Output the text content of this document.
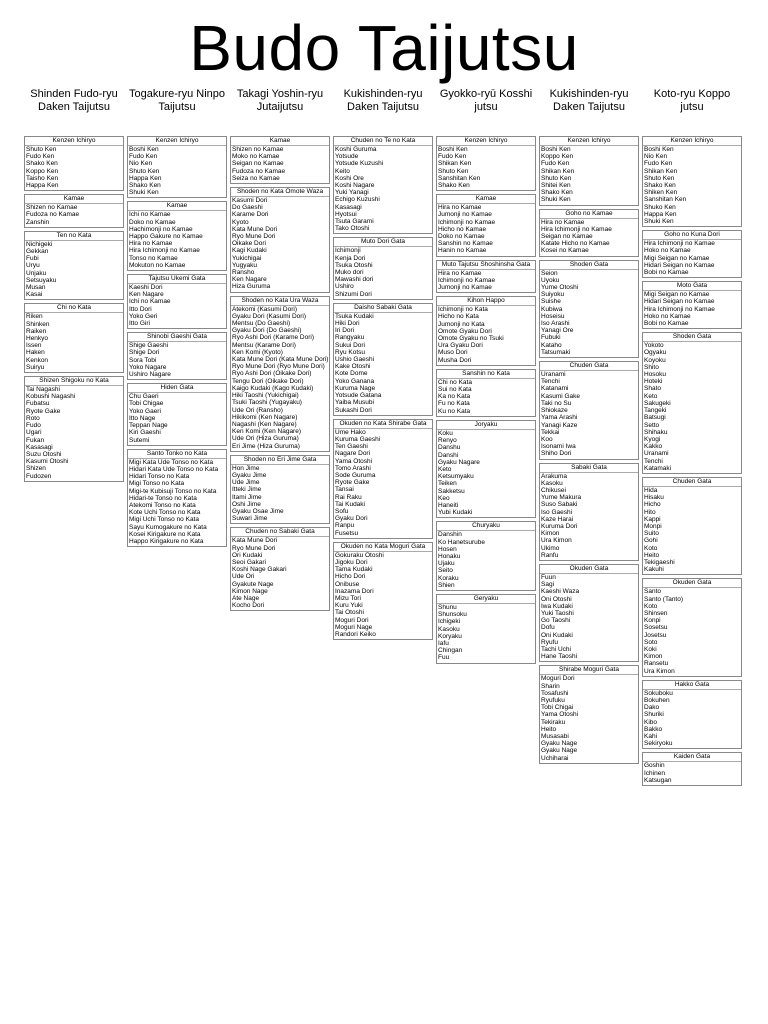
Budo Taijutsu
Shinden Fudo-ryu Daken Taijutsu
Kenzen Ichiryo
Shuto Ken
Fudo Ken
Shako Ken
Koppo Ken
Taisho Ken
Happa Ken
Kamae
Shizen no Kamae
Fudoza no Kamae
Zanshin
Ten no Kata
Nichigeki
Gekkan
Fubi
Uryu
Unjaku
Setsuyaku
Musan
Kasai
Chi no Kata
Riken
Shinken
Raiken
Henkyo
Issen
Haken
Kenkon
Suiryu
Shizen Shigoku no Kata
Tai Nagashi
Kobushi Nagashi
Fubatsu
Ryote Gake
Roto
Fudo
Ugari
Fukan
Kasasagi
Suzu Otoshi
Kasumi Otoshi
Shizen
Fudozen
Togakure-ryu Ninpo Taijutsu
Kenzen Ichiryo
Boshi Ken
Fudo Ken
Nio Ken
Shuto Ken
Happa Ken
Shako Ken
Shuki Ken
Kamae
Ichi no Kamae
Doko no Kamae
Hachimonji no Kamae
Happo Gakure no Kamae
Hira no Kamae
Hira Ichimonji no Kamae
Tonso no Kamae
Mokuton no Kamae
Tajutsu Ukemi Gata
Kaeshi Dori
Ken Nagare
Ichi no Kamae
Itto Dori
Yoko Geri
Itto Giri
Shinobi Gaeshi Gata
Shige Gaeshi
Shige Dori
Sora Tobi
Yoko Nagare
Ushiro Nagare
Hiden Gata
Chu Gaeri
Tobi Chigae
Yoko Gaeri
Itto Nage
Teppan Nage
Kiri Gaeshi
Sutemi
Santo Tonko no Kata
Migi Kata Ude Tonso no Kata
Hidari Kata Ude Tonso no Kata
Hidari Tonso no Kata
Migi Tonso no Kata
Migi-te Kubisuji Tonso no Kata
Hidari-te Tonso no Kata
Atekomi Tonso no Kata
Kote Uchi Tonso no Kata
Migi Uchi Tonso no Kata
Sayu Kumogakure no Kata
Kosei Kirigakure no Kata
Happo Kirigakure no Kata
Takagi Yoshin-ryu Jutaijutsu
Kamae
Shizen no Kamae
Moko no Kamae
Seigan no Kamae
Fudoza no Kamae
Seiza no Kamae
Shoden no Kata Omote Waza
Kasumi Dori
Do Gaeshi
Karame Dori
Kyoto
Kata Mune Dori
Ryo Mune Dori
Oikake Dori
Kagi Kudaki
Yukichigai
Yugyaku
Ransho
Ken Nagare
Hiza Guruma
Shoden no Kata Ura Waza
Atekomi (Kasumi Dori)
Gyaku Dori (Kasumi Dori)
Mentsu (Do Gaeshi)
Gyaku Dori (Do Gaeshi)
Ryo Ashi Dori (Karame Dori)
Mentsu (Karame Dori)
Ken Komi (Kyoto)
Kata Mune Dori (Kata Mune Dori)
Ryo Mune Dori (Ryo Mune Dori)
Ryo Ashi Dori (Oikake Dori)
Tengu Dori (Oikake Dori)
Kaigo Kudaki (Kago Kudaki)
Hiki Taoshi (Yukichigai)
Tsuki Taoshi (Yugayaku)
Ude Ori (Ransho)
Hikikomi (Ken Nagare)
Nagashi (Ken Nagare)
Ken Komi (Ken Nagare)
Ude Ori (Hiza Guruma)
Eri Jime (Hiza Guruma)
Shoden no Eri Jime Gata
Hon Jime
Gyaku Jime
Ude Jime
Itteki Jime
Itami Jime
Oshi Jime
Gyaku Osae Jime
Suwari Jime
Chuden no Sabaki Gata
Kata Mune Dori
Ryo Mune Dori
Ori Kudaki
Seoi Gakari
Koshi Nage Gakari
Ude Ori
Gyakute Nage
Kimon Nage
Ate Nage
Kocho Dori
Kukishinden-ryu Daken Taijutsu
Chuden no Te no Kata
Koshi Guruma
Yotsude
Yotsude Kuzushi
Keito
Koshi Ore
Koshi Nagare
Yuki Yanagi
Echigo Kuzushi
Kasasagi
Hyotsui
Tsuta Garami
Tako Otoshi
Muto Dori Gata
Ichimonji
Kenja Dori
Tsuka Otoshi
Muko dori
Mawashi dori
Ushiro
Shizumi Dori
Daisho Sabaki Gata
Tsuka Kudaki
Hiki Dori
Iri Dori
Rangyaku
Sukui Dori
Ryu Kotsu
Ushio Gaeshi
Kake Otoshi
Kote Dome
Yoko Ganana
Kuruma Nage
Yotsude Gatana
Yaiba Musubi
Sukashi Dori
Okuden no Kata Shirabe Gata
Ume Hako
Kuruma Gaeshi
Ten Gaeshi
Nagare Dori
Yama Otoshi
Tomo Arashi
Sode Guruma
Ryote Gake
Tansai
Rai Raku
Tai Kudaki
Sofu
Gyaku Dori
Ranpu
Fusetsu
Okuden no Kata Moguri Gata
Gokuraku Otoshi
Jigoku Dori
Tama Kudaki
Hicho Dori
Onibuse
Inazama Dori
Mizu Tori
Kuru Yuki
Tai Otoshi
Moguri Dori
Moguri Nage
Randori Keiko
Gyokko-ryū Kosshi jutsu
Kenzen Ichiryo
Boshi Ken
Fudo Ken
Shikan Ken
Shuto Ken
Sanshitan Ken
Shako Ken
Kamae
Hira no Kamae
Jumonji no Kamae
Ichimonji no Kamae
Hicho no Kamae
Doko no Kamae
Sanshin no Kamae
Hanin no Kamae
Muto Tajutsu Shoshinsha Gata
Hira no Kamae
Ichimonji no Kamae
Jumonji no Kamae
Kihon Happo
Ichimonji no Kata
Hicho no Kata
Jumonji no Kata
Omote Gyaku Dori
Omote Gyaku no Tsuki
Ura Gyaku Dori
Muso Dori
Musha Dori
Sanshin no Kata
Chi no Kata
Sui no Kata
Ka no Kata
Fu no Kata
Ku no Kata
Joryaku
Koku
Renyo
Danshu
Danshi
Gyaku Nagare
Keto
Ketsumyaku
Teiken
Sakketsu
Keo
Haneiti
Yubi Kudaki
Churyaku
Danshin
Ko Hanetsurube
Hosen
Honaku
Ujaku
Seito
Koraku
Shien
Geryaku
Shunu
Shunsoku
Ichigeki
Kasoku
Koryaku
Iafu
Chingan
Fuu
Kukishinden-ryu Daken Taijutsu
Kenzen Ichiryo
Boshi Ken
Koppo Ken
Fudo Ken
Shikan Ken
Shuto Ken
Shitei Ken
Shako Ken
Shuki Ken
Goho no Kamae
Hira no Kamae
Hira Ichimonji no Kamae
Seigan no Kamae
Katate Hicho no Kamae
Kosei no Kamae
Shoden Gata
Seion
Uyoku
Yume Otoshi
Suiyoku
Suishe
Kubiwa
Hoseisu
Iso Arashi
Yanagi Ore
Fubuki
Kataho
Tatsumaki
Chuden Gata
Uranami
Tenchi
Katanami
Kasumi Gake
Taki no Su
Shiokaze
Yama Arashi
Yanagi Kaze
Tekkai
Koo
Isonami Iwa
Shiho Dori
Sabaki Gata
Arakuma
Kasoku
Chikusei
Yume Makura
Suso Sabaki
Iso Gaeshi
Kaze Harai
Kuruma Dori
Kimon
Ura Kimon
Ukimo
Ranfu
Okuden Gata
Fuun
Sagi
Kaeshi Waza
Oni Otoshi
Iwa Kudaki
Yuki Taoshi
Go Taoshi
Dofu
Oni Kudaki
Ryufu
Tachi Uchi
Hane Taoshi
Shirabe Moguri Gata
Moguri Dori
Sharin
Tosafushi
Ryufuku
Tobi Chigai
Yama Otoshi
Tekiraku
Heito
Musasabi
Gyaku Nage
Gyaku Nage
Uchiharai
Koto-ryu Koppo jutsu
Kenzen Ichiryo
Boshi Ken
Nio Ken
Fudo Ken
Shikan Ken
Shuto Ken
Shako Ken
Shiken Ken
Sanshitan Ken
Shuko Ken
Happa Ken
Shuki Ken
Goho no Kuna Dori
Hira Ichimonji no Kamae
Hoko no Kamae
Migi Seigan no Kamae
Hidari Seigan no Kamae
Bobi no Kamae
Moto Gata
Migi Seigan no Kamae
Hidari Seigan no Kamae
Hira Ichimonji no Kamae
Hoko no Kamae
Bobi no Kamae
Shoden Gata
Yokoto
Ogyaku
Koyoku
Shito
Hosoku
Hoteki
Shato
Keto
Sakugeki
Tangeki
Batsugi
Setto
Shihaku
Kyogi
Kakko
Uranami
Tenchi
Katamaki
Chuden Gata
Hida
Hisaku
Hicho
Hito
Kappi
Monpi
Suito
Gohi
Koto
Heito
Tekigaeshi
Kakuhi
Okuden Gata
Santo
Santo (Tanto)
Koto
Shinsen
Konpi
Sosetsu
Josetsu
Soto
Koki
Kimon
Ransetu
Ura Kimon
Hakko Gata
Sokuboku
Bokuhen
Dako
Shuriki
Kibo
Bakko
Kahi
Sekiryoku
Kaiden Gata
Goshin
Ichinen
Katsugan
